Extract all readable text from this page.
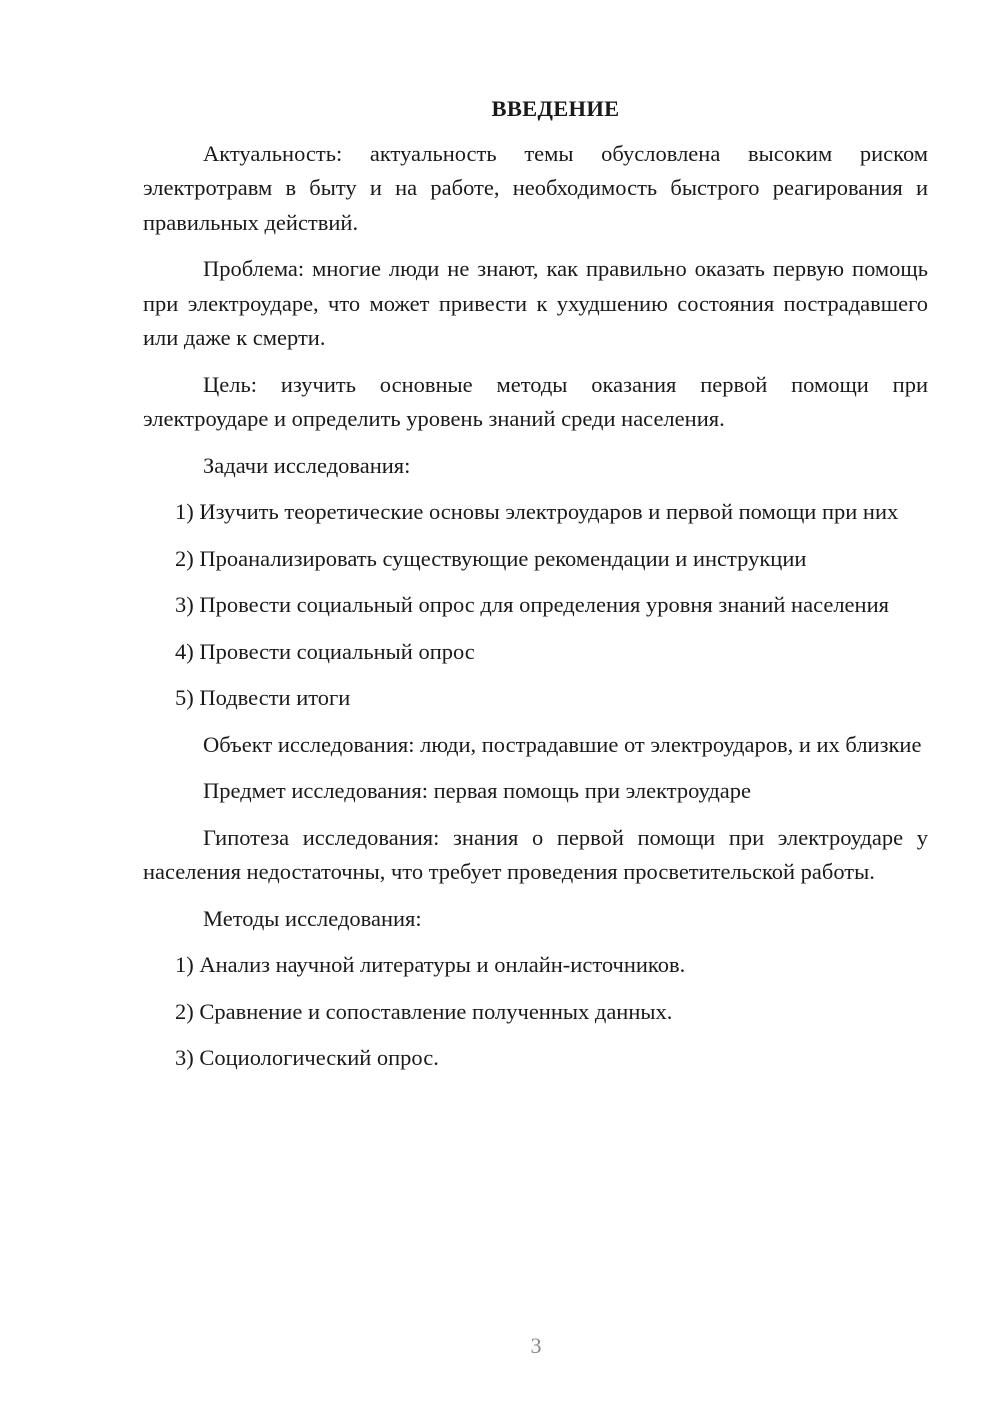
ВВЕДЕНИЕ

Актуальность: актуальность темы обусловлена высоким риском электротравм в быту и на работе, необходимость быстрого реагирования и правильных действий.

Проблема: многие люди не знают, как правильно оказать первую помощь при электроударе, что может привести к ухудшению состояния пострадавшего или даже к смерти.

Цель: изучить основные методы оказания первой помощи при электроударе и определить уровень знаний среди населения.

Задачи исследования:

1) Изучить теоретические основы электроударов и первой помощи при них

2) Проанализировать существующие рекомендации и инструкции

3) Провести социальный опрос для определения уровня знаний населения

4) Провести социальный опрос

5) Подвести итоги

Объект исследования: люди, пострадавшие от электроударов, и их близкие

Предмет исследования: первая помощь при электроударе

Гипотеза исследования: знания о первой помощи при электроударе у населения недостаточны, что требует проведения просветительской работы.

Методы исследования:

1) Анализ научной литературы и онлайн-источников.

2) Сравнение и сопоставление полученных данных.

3) Социологический опрос.

3
